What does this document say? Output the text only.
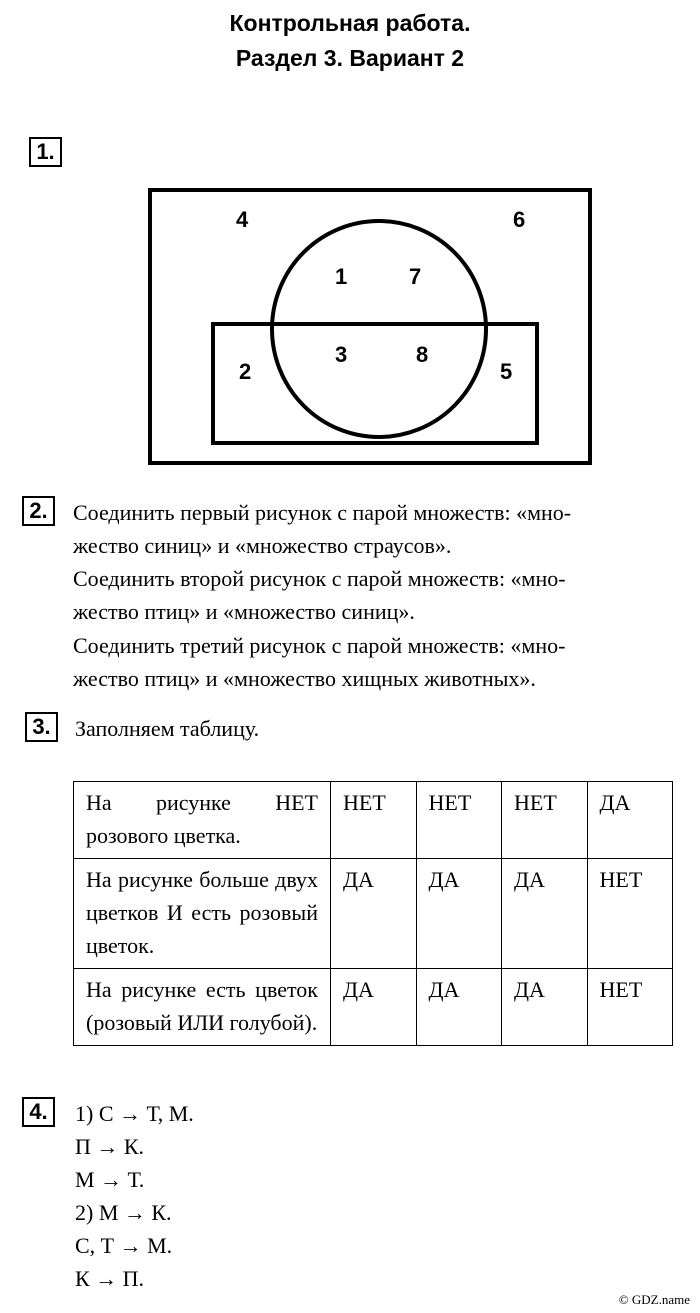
Контрольная работа.
Раздел 3. Вариант 2
1.
4	6
1	7
3	8
2	5
2.	Соединить первый рисунок с парой множеств: «мно-
жество синиц» и «множество страусов».
Соединить второй рисунок с парой множеств: «мно-
жество птиц» и «множество синиц».
Соединить третий рисунок с парой множеств: «мно-
жество птиц» и «множество хищных животных».
3.	Заполняем таблицу.
На рисунке НЕТ розового цветка.	НЕТ	НЕТ	НЕТ	ДА
На рисунке больше двух цветков И есть розовый цветок.	ДА	ДА	ДА	НЕТ
На рисунке есть цветок (розовый ИЛИ голубой).	ДА	ДА	ДА	НЕТ
4.	1) С → Т, М.
П → К.
М → Т.
2) М → К.
С, Т → М.
К → П.
© GDZ.name
